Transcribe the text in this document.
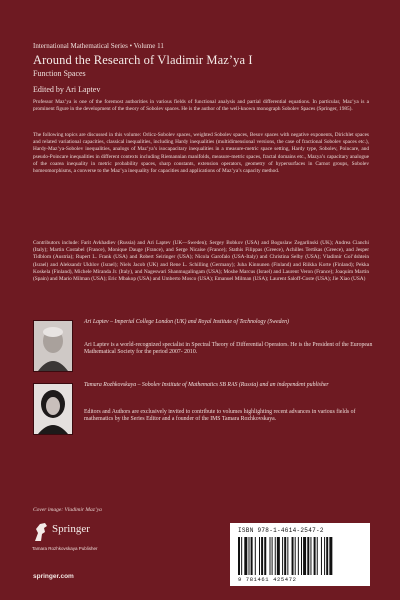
International Mathematical Series • Volume 11
Around the Research of Vladimir Maz’ya I
Function Spaces
Edited by Ari Laptev

Professor Maz’ya is one of the foremost authorities in various fields of functional analysis and partial differential equations. In particular, Maz’ya is a prominent figure in the development of the theory of Sobolev spaces. He is the author of the well-known monograph Sobolev Spaces (Springer, 1985).

The following topics are discussed in this volume: Orlicz-Sobolev spaces, weighted Sobolev spaces, Besov spaces with negative exponents, Dirichlet spaces and related variational capacities, classical inequalities, including Hardy inequalities (multidimensional versions, the case of fractional Sobolev spaces etc.), Hardy-Maz’ya-Sobolev inequalities, analogs of Maz’ya’s isocapacitary inequalities in a measure-metric space setting, Hardy type, Sobolev, Poincare, and pseudo-Poincare inequalities in different contexts including Riemannian manifolds, measure-metric spaces, fractal domains etc., Mazya’s capacitary analogue of the coarea inequality in metric probability spaces, sharp constants, extension operators, geometry of hypersurfaces in Carnot groups, Sobolev homeomorphisms, a converse to the Maz’ya inequality for capacities and applications of Maz’ya’s capacity method.

Contributors include: Farit Avkhadiev (Russia) and Ari Laptev (UK—Sweden); Sergey Bobkov (USA) and Boguslaw Zegarlinski (UK); Andrea Cianchi (Italy); Martin Costabel (France), Monique Dauge (France), and Serge Nicaise (France); Stathis Filippas (Greece), Achilles Tertikas (Greece), and Jesper Tidblom (Austria); Rupert L. Frank (USA) and Robert Seiringer (USA); Nicola Garofalo (USA-Italy) and Christina Selby (USA); Vladimir Gol’dshtein (Israel) and Aleksandr Ukhlov (Israel); Niels Jacob (UK) and Rene L. Schilling (Germany); Juha Kinnunen (Finland) and Riikka Korte (Finland); Pekka Koskela (Finland), Michele Miranda Jr. (Italy), and Nageswari Shanmugalingam (USA); Moshe Marcus (Israel) and Laurent Veron (France); Joaquim Martin (Spain) and Mario Milman (USA); Eric Mbakop (USA) and Umberto Mosco (USA); Emanuel Milman (USA); Laurent Saloff-Coste (USA); Jie Xiao (USA)

Ari Laptev – Imperial College London (UK) and Royal Institute of Technology (Sweden)
Ari Laptev is a world-recognized specialist in Spectral Theory of Differential Operators. He is the President of the European Mathematical Society for the period 2007- 2010.
Tamara Rozhkovskaya – Sobolev Institute of Mathematics SB RAS (Russia) and an independent publisher
Editors and Authors are exclusively invited to contribute to volumes highlighting recent advances in various fields of mathematics by the Series Editor and a founder of the IMS Tamara Rozhkovskaya.
Cover image: Vladimir Maz’ya
Springer
Tamara Rozhkovskaya Publisher
springer.com
ISBN 978-1-4614-2547-2
9 781461 425472
